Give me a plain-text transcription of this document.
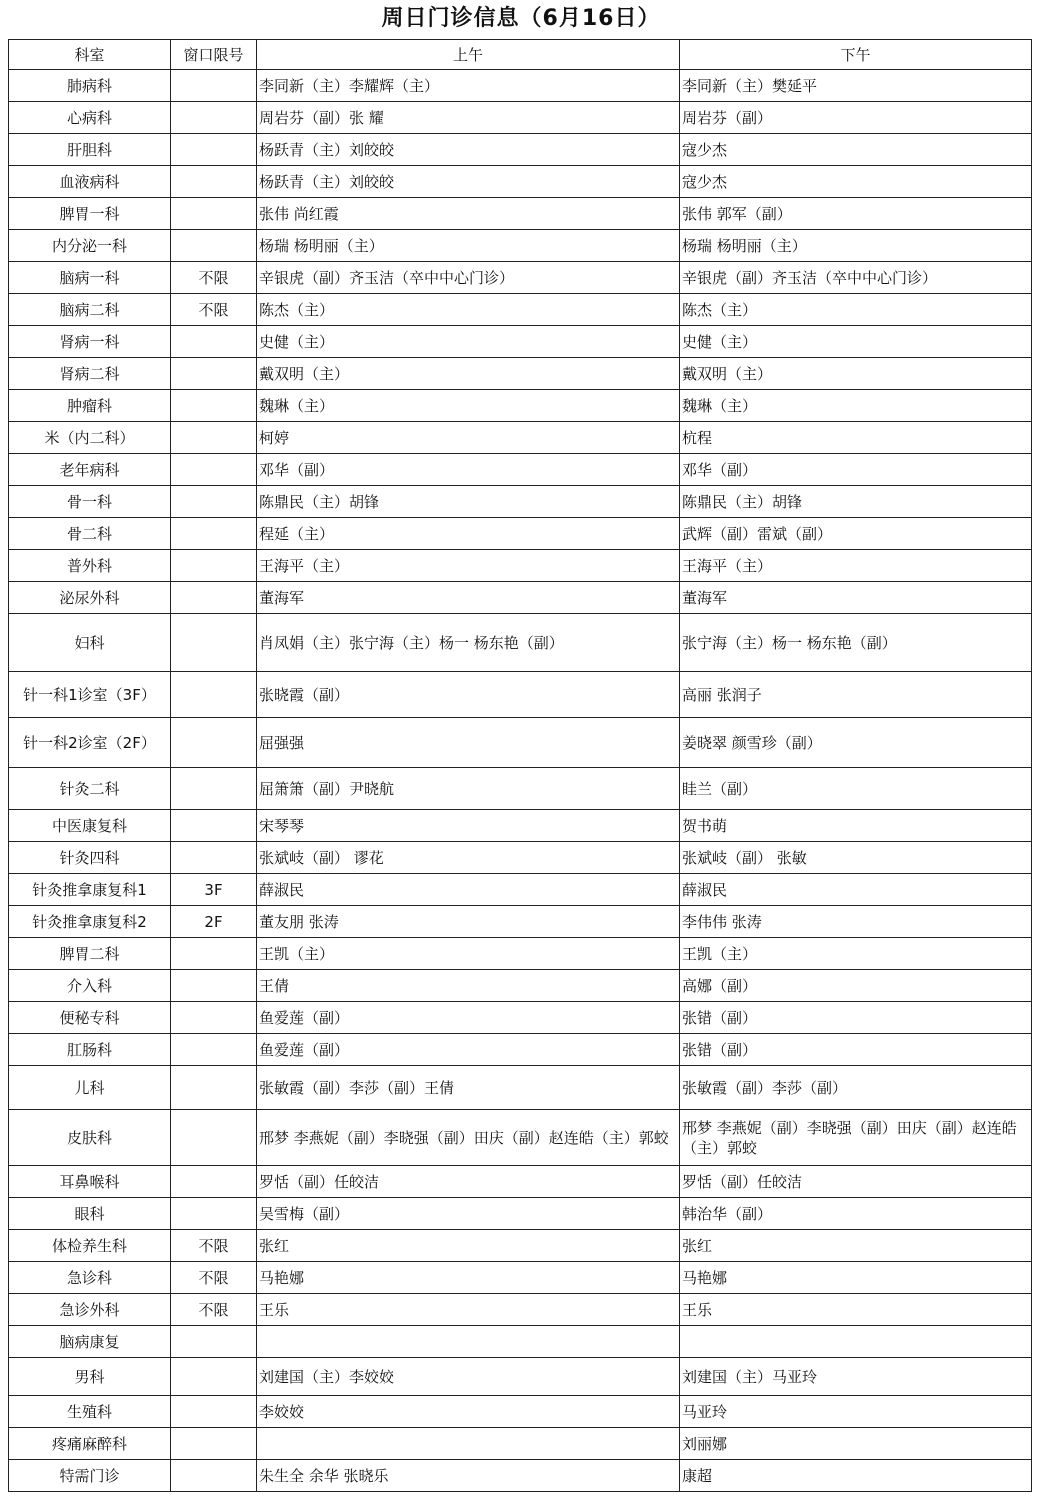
周日门诊信息（6月16日）
科室	窗口限号	上午	下午
肺病科		李同新（主）李耀辉（主）	李同新（主）樊延平
心病科		周岩芬（副）张 耀	周岩芬（副）
肝胆科		杨跃青（主）刘皎皎	寇少杰
血液病科		杨跃青（主）刘皎皎	寇少杰
脾胃一科		张伟 尚红霞	张伟 郭军（副）
内分泌一科		杨瑞 杨明丽（主）	杨瑞 杨明丽（主）
脑病一科	不限	辛银虎（副）齐玉洁（卒中中心门诊）	辛银虎（副）齐玉洁（卒中中心门诊）
脑病二科	不限	陈杰（主）	陈杰（主）
肾病一科		史健（主）	史健（主）
肾病二科		戴双明（主）	戴双明（主）
肿瘤科		魏琳（主）	魏琳（主）
米（内二科）		柯婷	杭程
老年病科		邓华（副）	邓华（副）
骨一科		陈鼎民（主）胡锋	陈鼎民（主）胡锋
骨二科		程延（主）	武辉（副）雷斌（副）
普外科		王海平（主）	王海平（主）
泌尿外科		董海军	董海军
妇科		肖凤娟（主）张宁海（主）杨一 杨东艳（副）	张宁海（主）杨一 杨东艳（副）
针一科1诊室（3F）		张晓霞（副）	高丽 张润子
针一科2诊室（2F）		屈强强	姜晓翠 颜雪珍（副）
针灸二科		屈箫箫（副）尹晓航	眭兰（副）
中医康复科		宋琴琴	贺书萌
针灸四科		张斌岐（副） 谬花	张斌岐（副） 张敏
针灸推拿康复科1	3F	薛淑民	薛淑民
针灸推拿康复科2	2F	董友朋 张涛	李伟伟 张涛
脾胃二科		王凯（主）	王凯（主）
介入科		王倩	高娜（副）
便秘专科		鱼爱莲（副）	张错（副）
肛肠科		鱼爱莲（副）	张错（副）
儿科		张敏霞（副）李莎（副）王倩	张敏霞（副）李莎（副）
皮肤科		邢梦 李燕妮（副）李晓强（副）田庆（副）赵连皓（主）郭蛟	邢梦 李燕妮（副）李晓强（副）田庆（副）赵连皓（主）郭蛟
耳鼻喉科		罗恬（副）任皎洁	罗恬（副）任皎洁
眼科		吴雪梅（副）	韩治华（副）
体检养生科	不限	张红	张红
急诊科	不限	马艳娜	马艳娜
急诊外科	不限	王乐	王乐
脑病康复			
男科		刘建国（主）李姣姣	刘建国（主）马亚玲
生殖科		李姣姣	马亚玲
疼痛麻醉科			刘丽娜
特需门诊		朱生全 余华 张晓乐	康超
